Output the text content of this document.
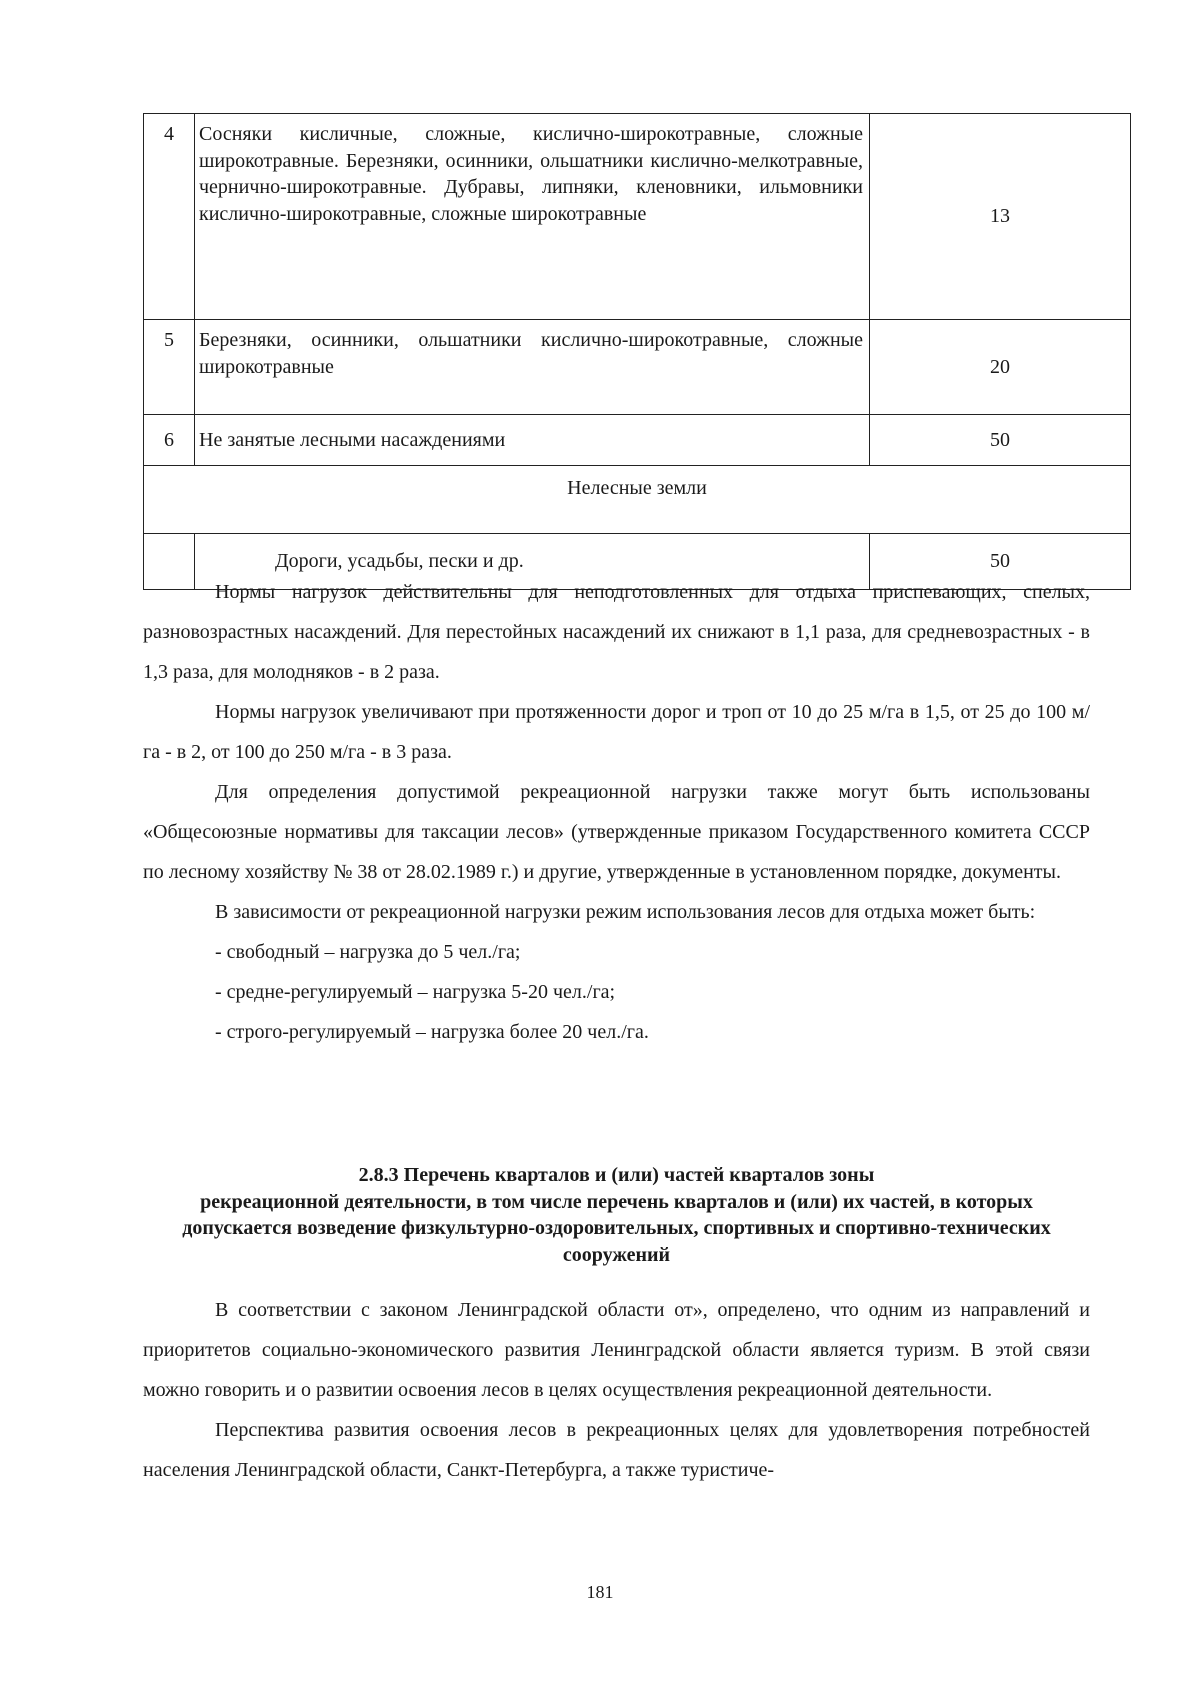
4	Сосняки кисличные, сложные, кислично-широкотравные, сложные широкотравные. Березняки, осинники, ольшатники кислично-мелкотравные, чернично-широкотравные. Дубравы, липняки, кленовники, ильмовники кислично-широкотравные, сложные широкотравные	13
5	Березняки, осинники, ольшатники кислично-широкотравные, сложные широкотравные	20
6	Не занятые лесными насаждениями	50
Нелесные земли		
	Дороги, усадьбы, пески и др.	50

Нормы нагрузок действительны для неподготовленных для отдыха приспевающих, спелых, разновозрастных насаждений. Для перестойных насаждений их снижают в 1,1 раза, для средневозрастных - в 1,3 раза, для молодняков - в 2 раза.

Нормы нагрузок увеличивают при протяженности дорог и троп от 10 до 25 м/га в 1,5, от 25 до 100 м/га - в 2, от 100 до 250 м/га - в 3 раза.

Для определения допустимой рекреационной нагрузки также могут быть использованы «Общесоюзные нормативы для таксации лесов» (утвержденные приказом Государственного комитета СССР по лесному хозяйству № 38 от 28.02.1989 г.) и другие, утвержденные в установленном порядке, документы.

В зависимости от рекреационной нагрузки режим использования лесов для отдыха может быть:

- свободный – нагрузка до 5 чел./га;

- средне-регулируемый – нагрузка 5-20 чел./га;

- строго-регулируемый – нагрузка более 20 чел./га.

2.8.3 Перечень кварталов и (или) частей кварталов зоны
рекреационной деятельности, в том числе перечень кварталов и (или) их частей, в которых допускается возведение физкультурно-оздоровительных, спортивных и спортивно-технических сооружений

В соответствии с законом Ленинградской области от», определено, что одним из направлений и приоритетов социально-экономического развития Ленинградской области является туризм. В этой связи можно говорить и о развитии освоения лесов в целях осуществления рекреационной деятельности.

Перспектива развития освоения лесов в рекреационных целях для удовлетворения потребностей населения Ленинградской области, Санкт-Петербурга, а также туристиче-

181
